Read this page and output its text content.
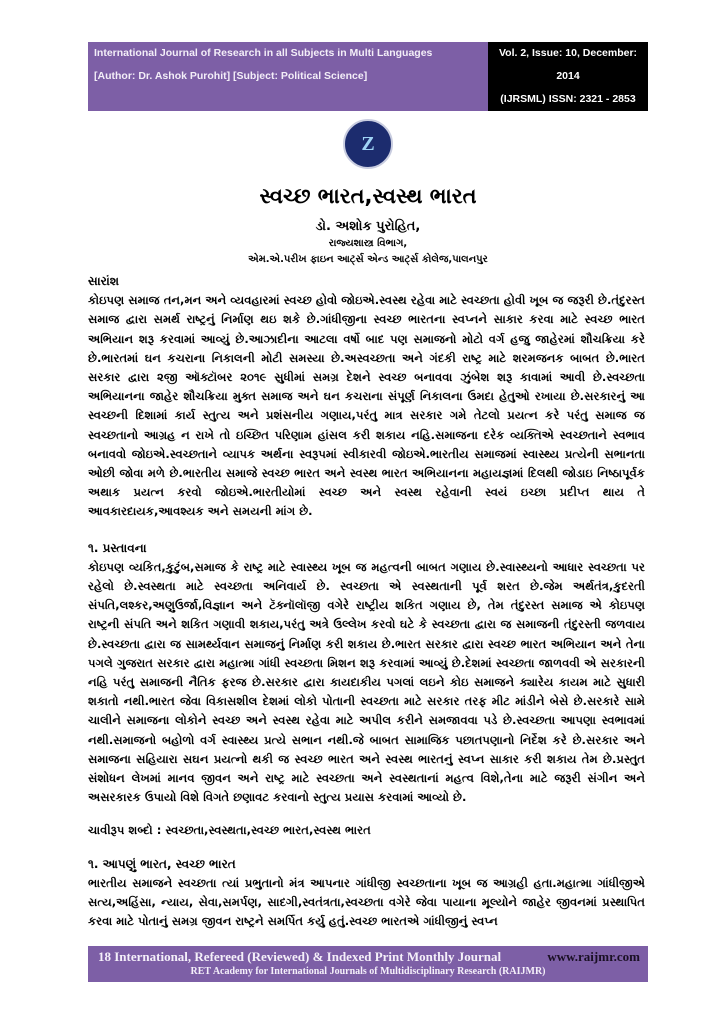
International Journal of Research in all Subjects in Multi Languages
[Author: Dr. Ashok Purohit] [Subject: Political Science]
Vol. 2, Issue: 10, December: 2014
(IJRSML) ISSN: 2321 - 2853
Z
સ્વચ્છ ભારત,સ્વસ્થ ભારત
ડો. અશોક પુરોહિત,
રાજ્યશાસ્ત્ર વિભાગ,
એમ.એ.પરીખ ફાઇન આર્ટ્સ એન્ડ આર્ટ્સ કોલેજ,પાલનપુર

સારાંશ

કોઇપણ સમાજ તન,મન અને વ્યવહારમાં સ્વચ્છ હોવો જોઇએ.સ્વસ્થ રહેવા માટે સ્વચ્છતા હોવી ખૂબ જ જરૂરી છે.તંદુરસ્ત સમાજ દ્વારા સમર્થ રાષ્ટ્રનું નિર્માણ થઇ શકે છે.ગાંધીજીના સ્વચ્છ ભારતના સ્વપ્નને સાકાર કરવા માટે સ્વચ્છ ભારત અભિયાન શરૂ કરવામાં આવ્યું છે.આઝાદીના આટલા વર્ષો બાદ પણ સમાજનો મોટો વર્ગ હજુ જાહેરમાં શૌચક્રિયા કરે છે.ભારતમાં ઘન કચરાના નિકાલની મોટી સમસ્યા છે.અસ્વચ્છતા અને ગંદકી રાષ્ટ્ર માટે શરમજનક બાબત છે.ભારત સરકાર દ્વારા ૨જી ઑક્ટૉબર ૨૦૧૯ સુધીમાં સમગ્ર દેશને સ્વચ્છ બનાવવા ઝુંબેશ શરૂ કાવામાં આવી છે.સ્વચ્છતા અભિયાનના જાહેર શૌચક્રિયા મુક્ત સમાજ અને ઘન કચરાના સંપૂર્ણ નિકાલના ઉમદા હેતુઓ રખાયા છે.સરકારનું આ સ્વચ્છની દિશામાં કાર્ય સ્તુત્ય અને પ્રશંસનીય ગણાય,પરંતુ માત્ર સરકાર ગમે તેટલો પ્રયત્ન કરે પરંતુ સમાજ જ સ્વચ્છતાનો આગ્રહ ન રાખે તો ઇચ્છિત પરિણામ હાંસલ કરી શકાય નહિ.સમાજના દરેક વ્યક્તિએ સ્વચ્છતાને સ્વભાવ બનાવવો જોઇએ.સ્વચ્છતાને વ્યાપક અર્થના સ્વરૂપમાં સ્વીકારવી જોઇએ.ભારતીય સમાજમાં સ્વાસ્થ્ય પ્રત્યેની સભાનતા ઓછી જોવા મળે છે.ભારતીય સમાજે સ્વચ્છ ભારત અને સ્વસ્થ ભારત અભિયાનના મહાયજ્ઞમાં દિલથી જોડાઇ નિષ્ઠાપૂર્વક અથાક પ્રયત્ન કરવો જોઇએ.ભારતીયોમાં સ્વચ્છ અને સ્વસ્થ રહેવાની સ્વયં ઇચ્છા પ્રદીપ્ત થાય તે આવકારદાયક,આવશ્યક અને સમયની માંગ છે.

૧. પ્રસ્તાવના

કોઇપણ વ્યકિત,કુટુંબ,સમાજ કે રાષ્ટ્ર માટે સ્વાસ્થ્ય ખૂબ જ મહત્વની બાબત ગણાય છે.સ્વાસ્થ્યનો આધાર સ્વચ્છતા પર રહેલો છે.સ્વસ્થતા માટે સ્વચ્છતા અનિવાર્ય છે. સ્વચ્છતા એ સ્વસ્થતાની પૂર્વ શરત છે.જેમ અર્થતંત્ર,કુદરતી સંપતિ,લશ્કર,અણુઉર્જા,વિજ્ઞાન અને ટૅક્નૉલૉજી વગેરે રાષ્ટ્રીય શકિત ગણાય છે, તેમ તંદુરસ્ત સમાજ એ કોઇપણ રાષ્ટ્રની સંપતિ અને શકિત ગણાવી શકાય,પરંતુ અત્રે ઉલ્લેખ કરવો ઘટે કે સ્વચ્છતા દ્વારા જ સમાજની તંદુરસ્તી જળવાય છે.સ્વચ્છતા દ્વારા જ સામર્થ્યવાન સમાજનું નિર્માણ કરી શકાય છે.ભારત સરકાર દ્વારા સ્વચ્છ ભારત અભિયાન અને તેના પગલે ગુજરાત સરકાર દ્વારા મહાત્મા ગાંધી સ્વચ્છતા મિશન શરૂ કરવામાં આવ્યું છે.દેશમાં સ્વચ્છતા જાળવવી એ સરકારની નહિ પરંતુ સમાજની નૈતિક ફરજ છે.સરકાર દ્વારા કાયદાકીય પગલાં લઇને કોઇ સમાજને ક્યારેય કાયમ માટે સુધારી શકાતો નથી.ભારત જેવા વિકાસશીલ દેશમાં લોકો પોતાની સ્વચ્છતા માટે સરકાર તરફ મીટ માંડીને બેસે છે.સરકારે સામે ચાલીને સમાજના લોકોને સ્વચ્છ અને સ્વસ્થ રહેવા માટે અપીલ કરીને સમજાવવા પડે છે.સ્વચ્છતા આપણા સ્વભાવમાં નથી.સમાજનો બહોળો વર્ગ સ્વાસ્થ્ય પ્રત્યે સભાન નથી.જે બાબત સામાજિક પછાતપણાનો નિર્દેશ કરે છે.સરકાર અને સમાજના સહિયારા સઘન પ્રયત્નો થકી જ સ્વચ્છ ભારત અને સ્વસ્થ ભારતનું સ્વપ્ન સાકાર કરી શકાય તેમ છે.પ્રસ્તુત સંશોધન લેખમાં માનવ જીવન અને રાષ્ટ્ર માટે સ્વચ્છતા અને સ્વસ્થતાનાં મહત્વ વિશે,તેના માટે જરૂરી સંગીન અને અસરકારક ઉપાયો વિશે વિગતે છણાવટ કરવાનો સ્તુત્ય પ્રયાસ કરવામાં આવ્યો છે.

ચાવીરૂપ શબ્દો : સ્વચ્છતા,સ્વસ્થતા,સ્વચ્છ ભારત,સ્વસ્થ ભારત

૧. આપણું ભારત, સ્વચ્છ ભારત

ભારતીય સમાજને સ્વચ્છતા ત્યાં પ્રભુતાનો મંત્ર આપનાર ગાંધીજી સ્વચ્છતાના ખૂબ જ આગ્રહી હતા.મહાત્મા ગાંધીજીએ સત્ય,અહિંસા, ન્યાય, સેવા,સમર્પણ, સાદગી,સ્વતંત્રતા,સ્વચ્છતા વગેરે જેવા પાયાના મૂલ્યોને જાહેર જીવનમાં પ્રસ્થાપિત કરવા માટે પોતાનું સમગ્ર જીવન રાષ્ટ્રને સમર્પિત કર્યુ હતું.સ્વચ્છ ભારતએ ગાંધીજીનું સ્વપ્ન

18 International, Refereed (Reviewed) & Indexed Print Monthly Journal	www.raijmr.com
RET Academy for International Journals of Multidisciplinary Research (RAIJMR)
